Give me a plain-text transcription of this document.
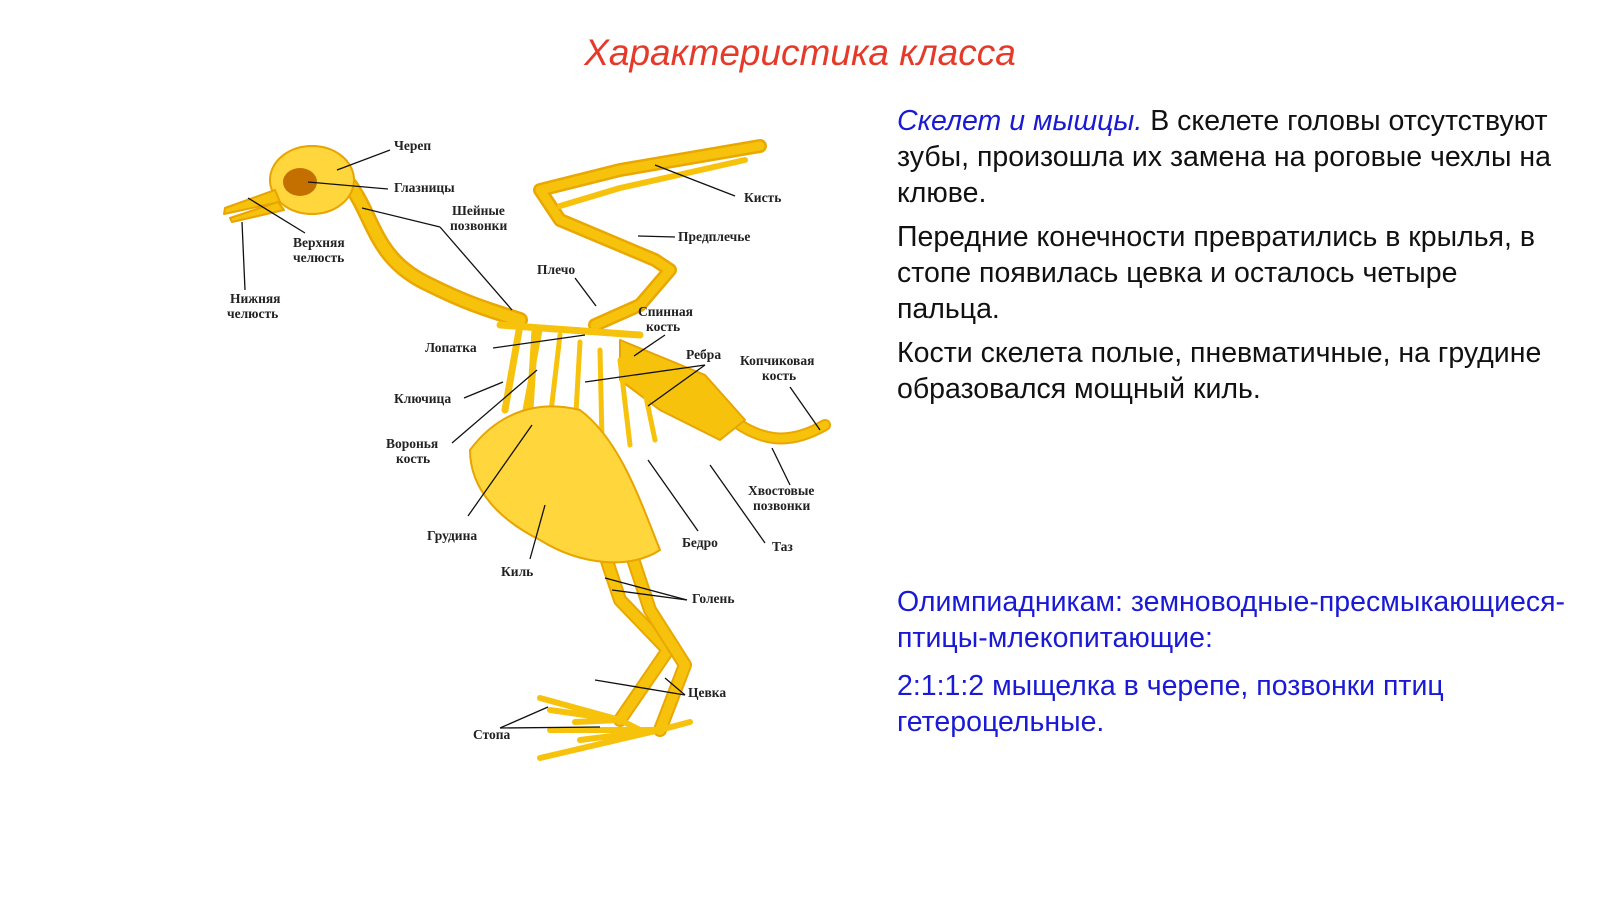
Характеристика класса
Череп
Глазницы
Шейные
позвонки
Верхняя
челюсть
Нижняя
челюсть
Кисть
Предплечье
Плечо
Спинная
кость
Лопатка	Ребра Копчиковая
кость
Ключица
Воронья
кость
Хвостовые
позвонки
Грудина	Бедро	Таз
Киль
Голень
Цевка
Стопа

Скелет и мышцы. В скелете головы отсутствуют зубы, произошла их замена на роговые чехлы на клюве.

Передние конечности превратились в крылья, в стопе появилась цевка и осталось четыре пальца.

Кости скелета полые, пневматичные, на грудине образовался мощный киль.

Олимпиадникам: земноводные-пресмыкающиеся-птицы-млекопитающие:

2:1:1:2 мыщелка в черепе, позвонки птиц гетероцельные.
